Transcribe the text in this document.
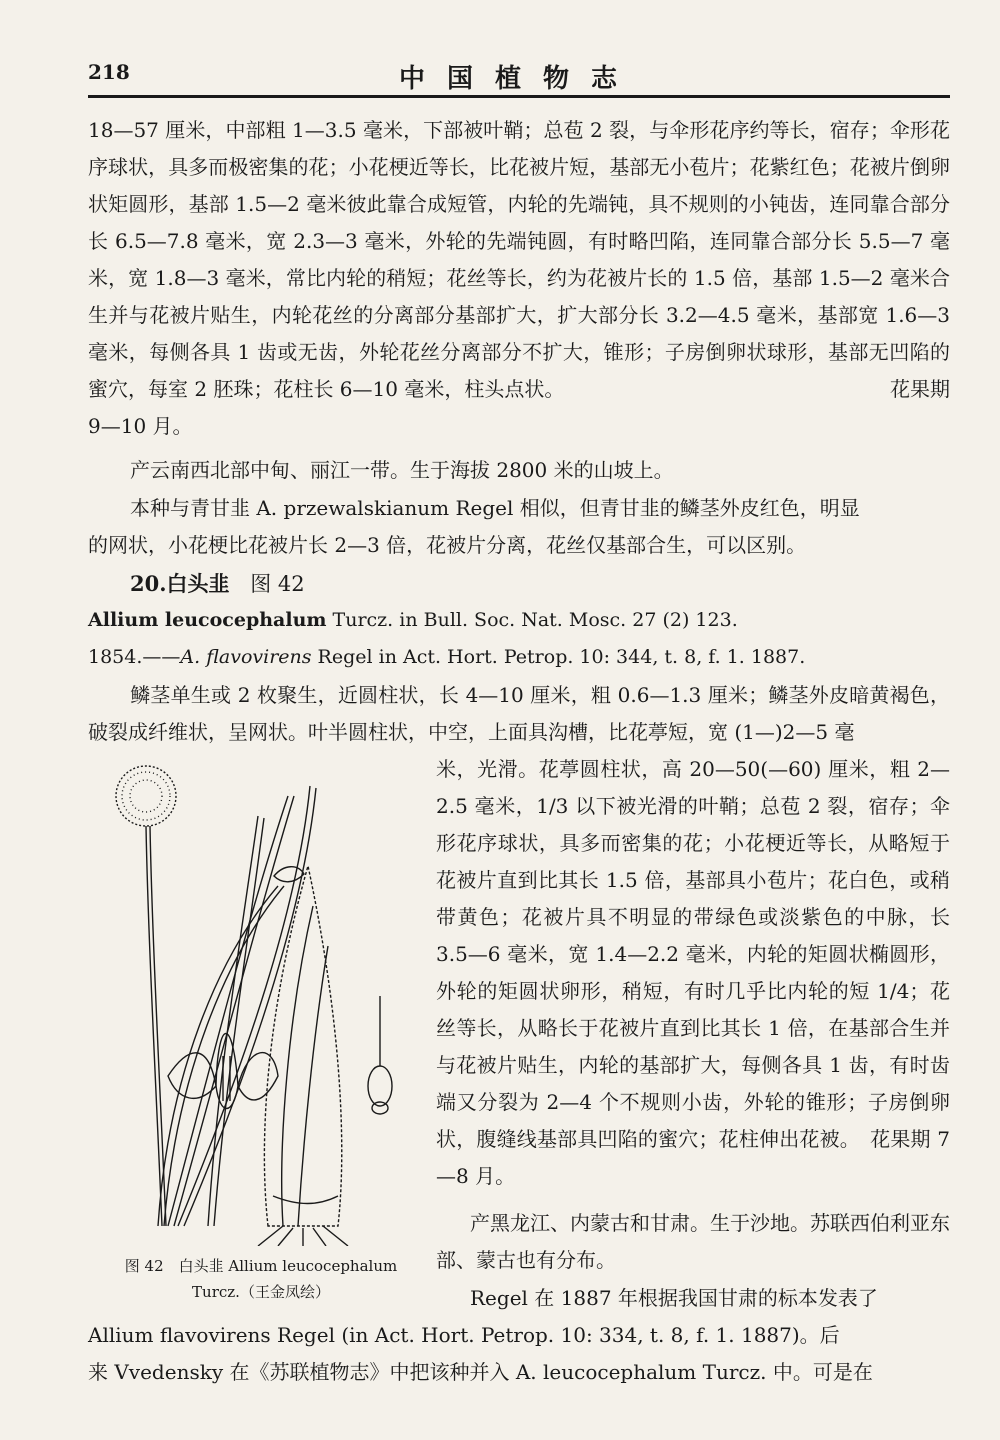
218	中国植物志
18—57 厘米，中部粗 1—3.5 毫米，下部被叶鞘；总苞 2 裂，与伞形花序约等长，宿存；伞形花序球状，具多而极密集的花；小花梗近等长，比花被片短，基部无小苞片；花紫红色；花被片倒卵状矩圆形，基部 1.5—2 毫米彼此靠合成短管，内轮的先端钝，具不规则的小钝齿，连同靠合部分长 6.5—7.8 毫米，宽 2.3—3 毫米，外轮的先端钝圆，有时略凹陷，连同靠合部分长 5.5—7 毫米，宽 1.8—3 毫米，常比内轮的稍短；花丝等长，约为花被片长的 1.5 倍，基部 1.5—2 毫米合生并与花被片贴生，内轮花丝的分离部分基部扩大，扩大部分长 3.2—4.5 毫米，基部宽 1.6—3 毫米，每侧各具 1 齿或无齿，外轮花丝分离部分不扩大，锥形；子房倒卵状球形，基部无凹陷的蜜穴，每室 2 胚珠；花柱长 6—10 毫米，柱头点状。	花果期
9—10 月。
产云南西北部中甸、丽江一带。生于海拔 2800 米的山坡上。
本种与青甘韭 A. przewalskianum Regel 相似，但青甘韭的鳞茎外皮红色，明显
的网状，小花梗比花被片长 2—3 倍，花被片分离，花丝仅基部合生，可以区别。
20.白头韭 图 42
Allium leucocephalum Turcz. in Bull. Soc. Nat. Mosc. 27 (2) 123.
1854.——A. flavovirens Regel in Act. Hort. Petrop. 10: 344, t. 8, f. 1. 1887.
鳞茎单生或 2 枚聚生，近圆柱状，长 4—10 厘米，粗 0.6—1.3 厘米；鳞茎外皮暗黄褐色，破裂成纤维状，呈网状。叶半圆柱状，中空，上面具沟槽，比花葶短，宽 (1—)2—5 毫
米，光滑。花葶圆柱状，高 20—50(—60) 厘米，粗 2—2.5 毫米，1/3 以下被光滑的叶鞘；总苞 2 裂，宿存；伞形花序球状，具多而密集的花；小花梗近等长，从略短于花被片直到比其长 1.5 倍，基部具小苞片；花白色，或稍带黄色；花被片具不明显的带绿色或淡紫色的中脉，长 3.5—6 毫米，宽 1.4—2.2 毫米，内轮的矩圆状椭圆形，外轮的矩圆状卵形，稍短，有时几乎比内轮的短 1/4；花丝等长，从略长于花被片直到比其长 1 倍，在基部合生并与花被片贴生，内轮的基部扩大，每侧各具 1 齿，有时齿端又分裂为 2—4 个不规则小齿，外轮的锥形；子房倒卵状，腹缝线基部具凹陷的蜜穴；花柱伸出花被。　花果期 7—8 月。
图 42　白头韭 Allium leucocephalum
Turcz.（王金凤绘）
产黑龙江、内蒙古和甘肃。生于沙地。苏联西伯利亚东部、蒙古也有分布。
Regel 在 1887 年根据我国甘肃的标本发表了
Allium flavovirens Regel (in Act. Hort. Petrop. 10: 334, t. 8, f. 1. 1887)。后
来 Vvedensky 在《苏联植物志》中把该种并入 A. leucocephalum Turcz. 中。可是在
